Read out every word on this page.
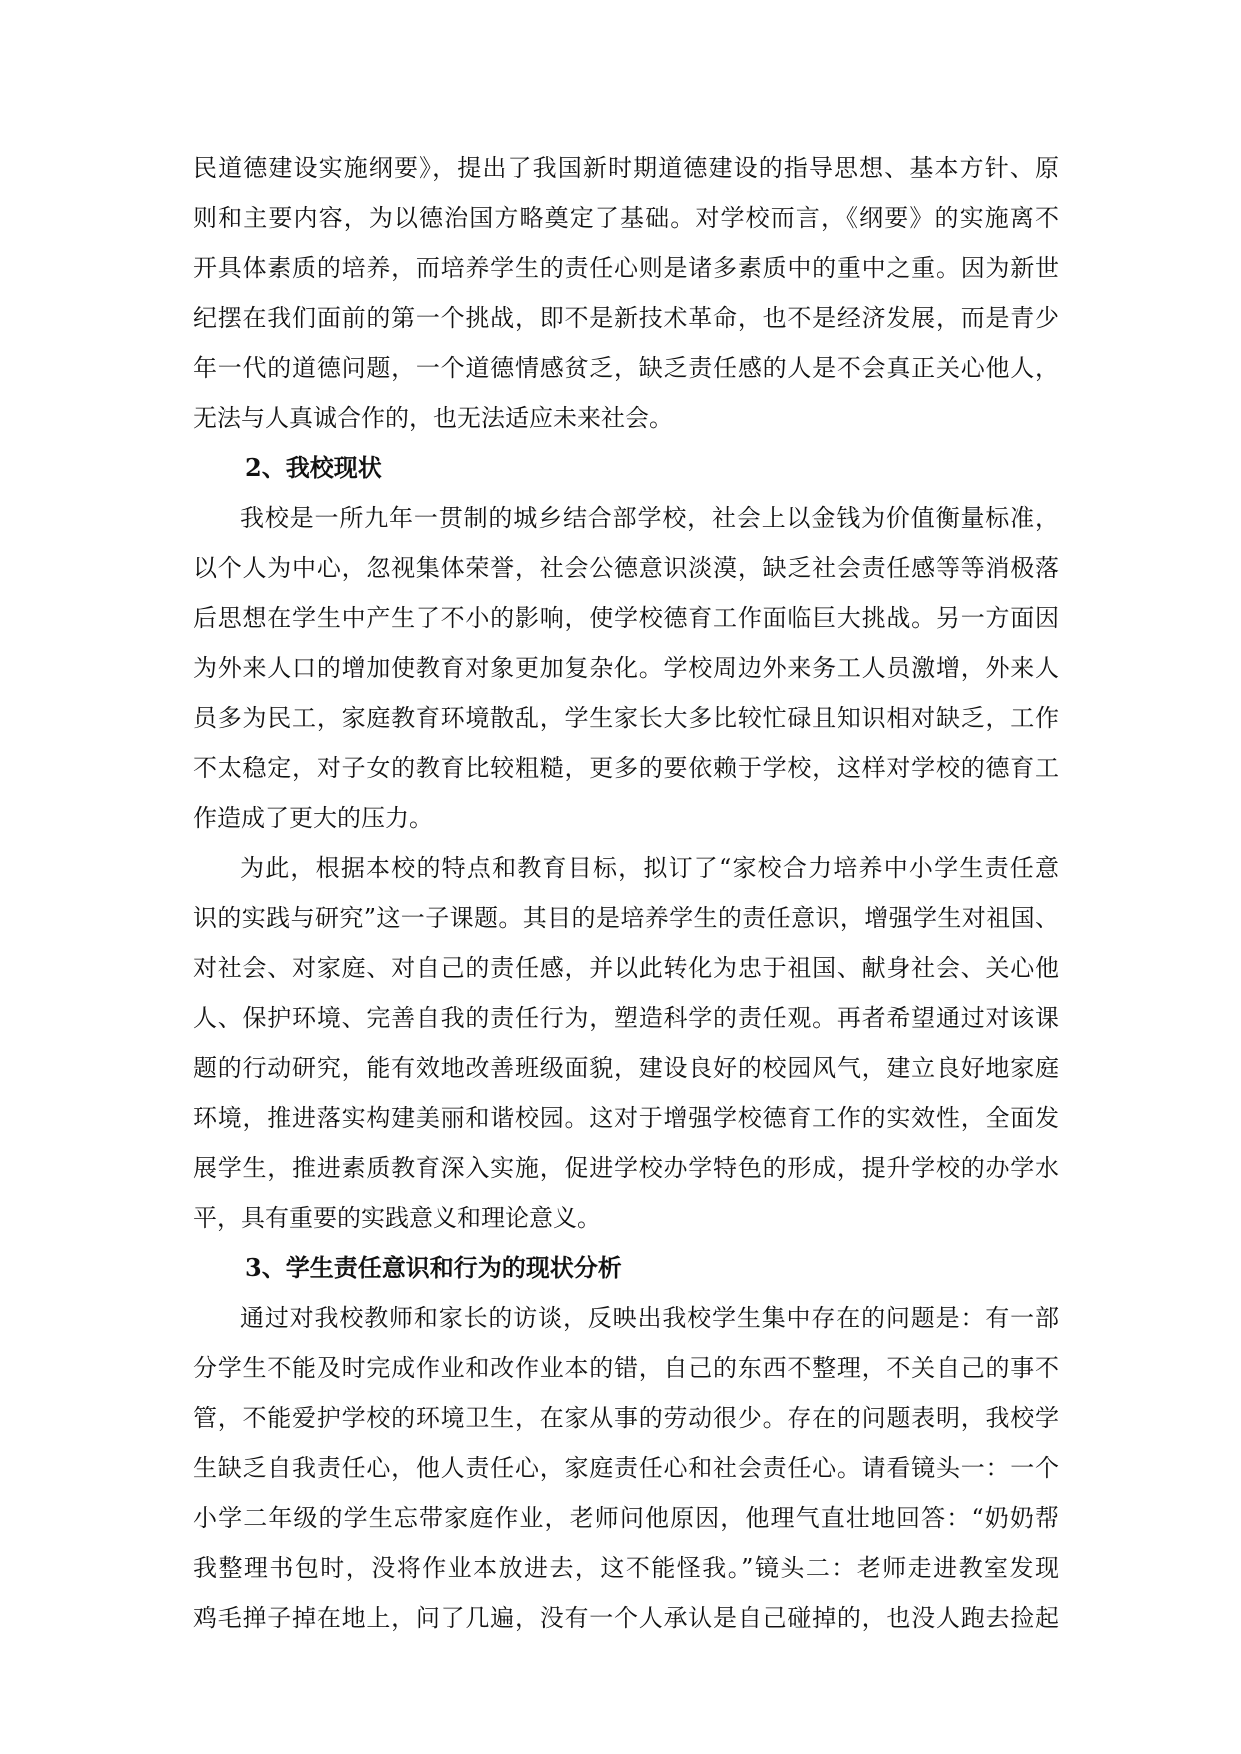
民道德建设实施纲要》，提出了我国新时期道德建设的指导思想、基本方针、原
则和主要内容，为以德治国方略奠定了基础。对学校而言，《纲要》的实施离不
开具体素质的培养，而培养学生的责任心则是诸多素质中的重中之重。因为新世
纪摆在我们面前的第一个挑战，即不是新技术革命，也不是经济发展，而是青少
年一代的道德问题，一个道德情感贫乏，缺乏责任感的人是不会真正关心他人，
无法与人真诚合作的，也无法适应未来社会。
2、我校现状
我校是一所九年一贯制的城乡结合部学校，社会上以金钱为价值衡量标准，
以个人为中心，忽视集体荣誉，社会公德意识淡漠，缺乏社会责任感等等消极落
后思想在学生中产生了不小的影响，使学校德育工作面临巨大挑战。另一方面因
为外来人口的增加使教育对象更加复杂化。学校周边外来务工人员激增，外来人
员多为民工，家庭教育环境散乱，学生家长大多比较忙碌且知识相对缺乏，工作
不太稳定，对子女的教育比较粗糙，更多的要依赖于学校，这样对学校的德育工
作造成了更大的压力。
为此，根据本校的特点和教育目标，拟订了“家校合力培养中小学生责任意
识的实践与研究”这一子课题。其目的是培养学生的责任意识，增强学生对祖国、
对社会、对家庭、对自己的责任感，并以此转化为忠于祖国、献身社会、关心他
人、保护环境、完善自我的责任行为，塑造科学的责任观。再者希望通过对该课
题的行动研究，能有效地改善班级面貌，建设良好的校园风气，建立良好地家庭
环境，推进落实构建美丽和谐校园。这对于增强学校德育工作的实效性，全面发
展学生，推进素质教育深入实施，促进学校办学特色的形成，提升学校的办学水
平，具有重要的实践意义和理论意义。
3、学生责任意识和行为的现状分析
通过对我校教师和家长的访谈，反映出我校学生集中存在的问题是：有一部
分学生不能及时完成作业和改作业本的错，自己的东西不整理，不关自己的事不
管，不能爱护学校的环境卫生，在家从事的劳动很少。存在的问题表明，我校学
生缺乏自我责任心，他人责任心，家庭责任心和社会责任心。请看镜头一：一个
小学二年级的学生忘带家庭作业，老师问他原因，他理气直壮地回答：“奶奶帮
我整理书包时，没将作业本放进去，这不能怪我。”镜头二：老师走进教室发现
鸡毛掸子掉在地上，问了几遍，没有一个人承认是自己碰掉的，也没人跑去捡起
